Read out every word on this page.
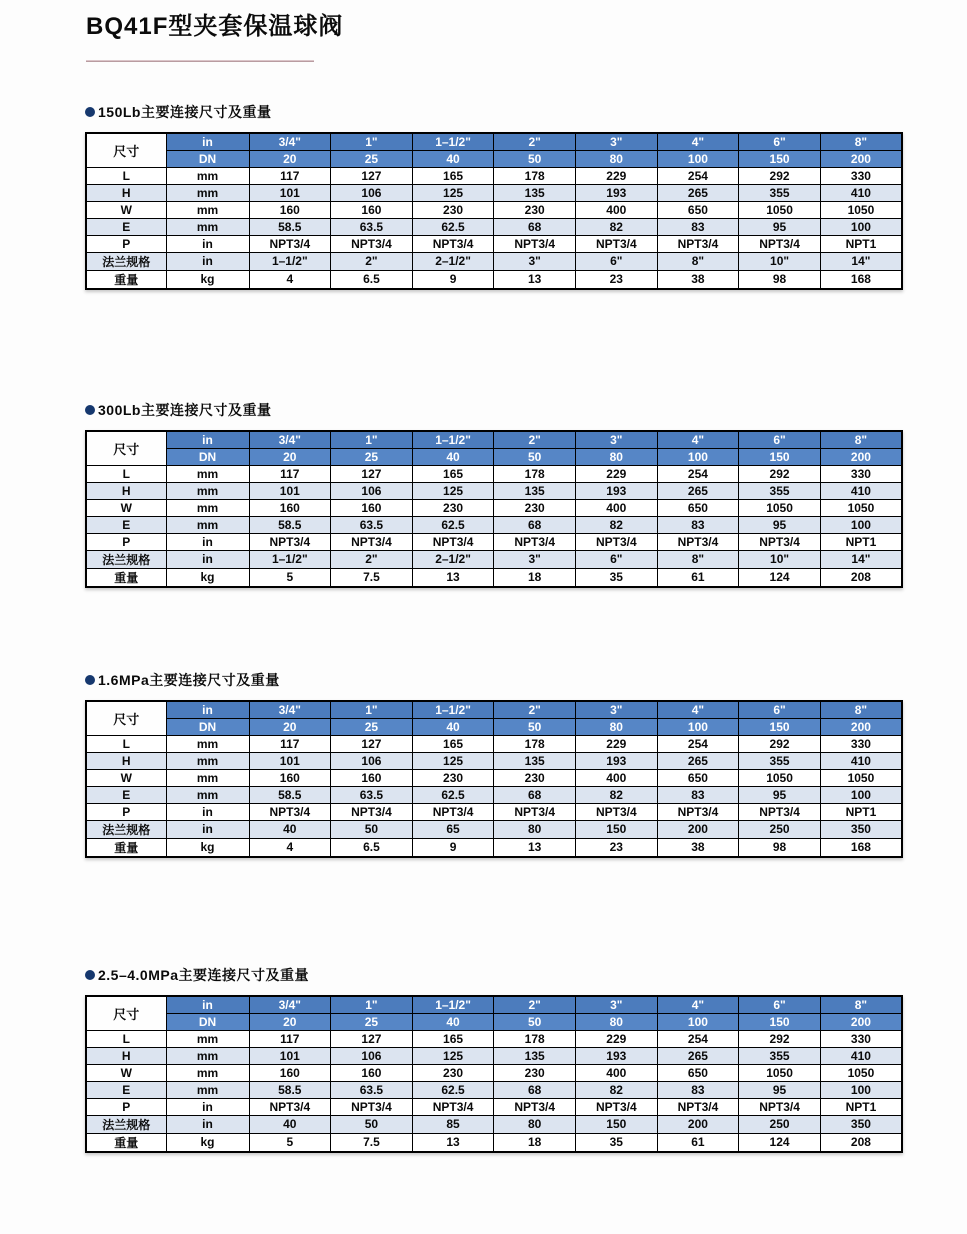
BQ41F型夹套保温球阀
150Lb主要连接尺寸及重量
尺寸	in	3/4"	1"	1–1/2"	2"	3"	4"	6"	8"
	DN	20	25	40	50	80	100	150	200
L	mm	117	127	165	178	229	254	292	330
H	mm	101	106	125	135	193	265	355	410
W	mm	160	160	230	230	400	650	1050	1050
E	mm	58.5	63.5	62.5	68	82	83	95	100
P	in	NPT3/4	NPT3/4	NPT3/4	NPT3/4	NPT3/4	NPT3/4	NPT3/4	NPT1
法兰规格	in	1–1/2"	2"	2–1/2"	3"	6"	8"	10"	14"
重量	kg	4	6.5	9	13	23	38	98	168
300Lb主要连接尺寸及重量
尺寸	in	3/4"	1"	1–1/2"	2"	3"	4"	6"	8"
	DN	20	25	40	50	80	100	150	200
L	mm	117	127	165	178	229	254	292	330
H	mm	101	106	125	135	193	265	355	410
W	mm	160	160	230	230	400	650	1050	1050
E	mm	58.5	63.5	62.5	68	82	83	95	100
P	in	NPT3/4	NPT3/4	NPT3/4	NPT3/4	NPT3/4	NPT3/4	NPT3/4	NPT1
法兰规格	in	1–1/2"	2"	2–1/2"	3"	6"	8"	10"	14"
重量	kg	5	7.5	13	18	35	61	124	208
1.6MPa主要连接尺寸及重量
尺寸	in	3/4"	1"	1–1/2"	2"	3"	4"	6"	8"
	DN	20	25	40	50	80	100	150	200
L	mm	117	127	165	178	229	254	292	330
H	mm	101	106	125	135	193	265	355	410
W	mm	160	160	230	230	400	650	1050	1050
E	mm	58.5	63.5	62.5	68	82	83	95	100
P	in	NPT3/4	NPT3/4	NPT3/4	NPT3/4	NPT3/4	NPT3/4	NPT3/4	NPT1
法兰规格	in	40	50	65	80	150	200	250	350
重量	kg	4	6.5	9	13	23	38	98	168
2.5–4.0MPa主要连接尺寸及重量
尺寸	in	3/4"	1"	1–1/2"	2"	3"	4"	6"	8"
	DN	20	25	40	50	80	100	150	200
L	mm	117	127	165	178	229	254	292	330
H	mm	101	106	125	135	193	265	355	410
W	mm	160	160	230	230	400	650	1050	1050
E	mm	58.5	63.5	62.5	68	82	83	95	100
P	in	NPT3/4	NPT3/4	NPT3/4	NPT3/4	NPT3/4	NPT3/4	NPT3/4	NPT1
法兰规格	in	40	50	85	80	150	200	250	350
重量	kg	5	7.5	13	18	35	61	124	208
